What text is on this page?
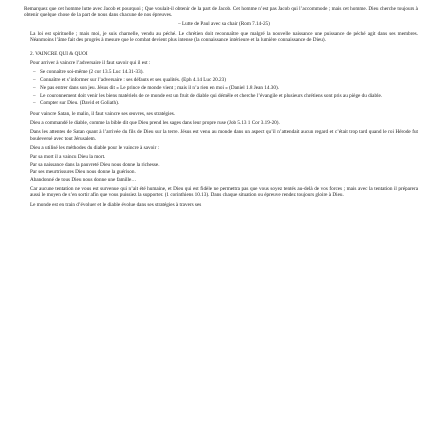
Remarquez que cet homme lutte avec Jacob et pourquoi ; Que voulait-il obtenir de la part de Jacob. Cet homme n’est pas Jacob qui l’accommode ; mais cet homme. Dieu cherche toujours à obtenir quelque chose de la part de nous dans chacune de nos épreuves.

– Lutte de Paul avec sa chair (Rom 7.14-25)

La loi est spirituelle ; mais moi, je suis charnelle, vendu au péché. Le chrétien doit reconnaître que malgré la nouvelle naissance une puissance de péché agit dans ses membres. Néanmoins l’âme fait des progrès à mesure que le combat devient plus intense (la connaissance intérieure et la lumière connaissance de Dieu).

2. VAINCRE QUI & QUOI
Pour arriver à vaincre l’adversaire il faut savoir qui il est :
– Se connaître soi-même (2 cor 13.5 Luc 14.31-33).
– Connaître et s’informer sur l’adversaire : ses défauts et ses qualités. (Eph 4.14 Luc 20.23)
– Ne pas entrer dans son jeu. Jésus dit « Le prince de monde vient ; mais il n’a rien en moi » (Daniel 1.8 Jean 14.30).
– Le couronnement doit venir les biens matériels de ce monde est un fruit de diable qui démêle et cherche l’évangile et plusieurs chrétiens sont pris au piège du diable.
– Compter sur Dieu. (David et Goliath).

Pour vaincre Satan, le malin, il faut vaincre ses œuvres, ses stratégies.

Dieu a commandé le diable, comme la bible dit que Dieu prend les sages dans leur propre ruse (Job 5.13 1 Cor 3.19-20).

Dans les attentes de Satan quant à l’arrivée du fils de Dieu sur la terre. Jésus est venu au monde dans un aspect qu’il n’attendait aucun regard et c’était trop tard quand le roi Hérode fut bouleversé avec tout Jérusalem.

Dieu a utilisé les méthodes du diable pour le vaincre à savoir :

Par sa mort il a vaincu Dieu la mort.

Par sa naissance dans la pauvreté Dieu nous donne la richesse.

Par ses meurtrissures Dieu nous donne la guérison.

Abandonné de tous Dieu nous donne une famille…

Car aucune tentation ne vous est survenue qui n’ait été humaine, et Dieu qui est fidèle ne permettra pas que vous soyez tentés au-delà de vos forces ; mais avec la tentation il préparera aussi le moyen de s’en sortir afin que vous puissiez la supporter. (1 corinthiens 10.13). Dans chaque situation ou épreuve rendez toujours gloire à Dieu.

Le monde est en train d’évoluer et le diable évolue dans ses stratégies à travers ses
